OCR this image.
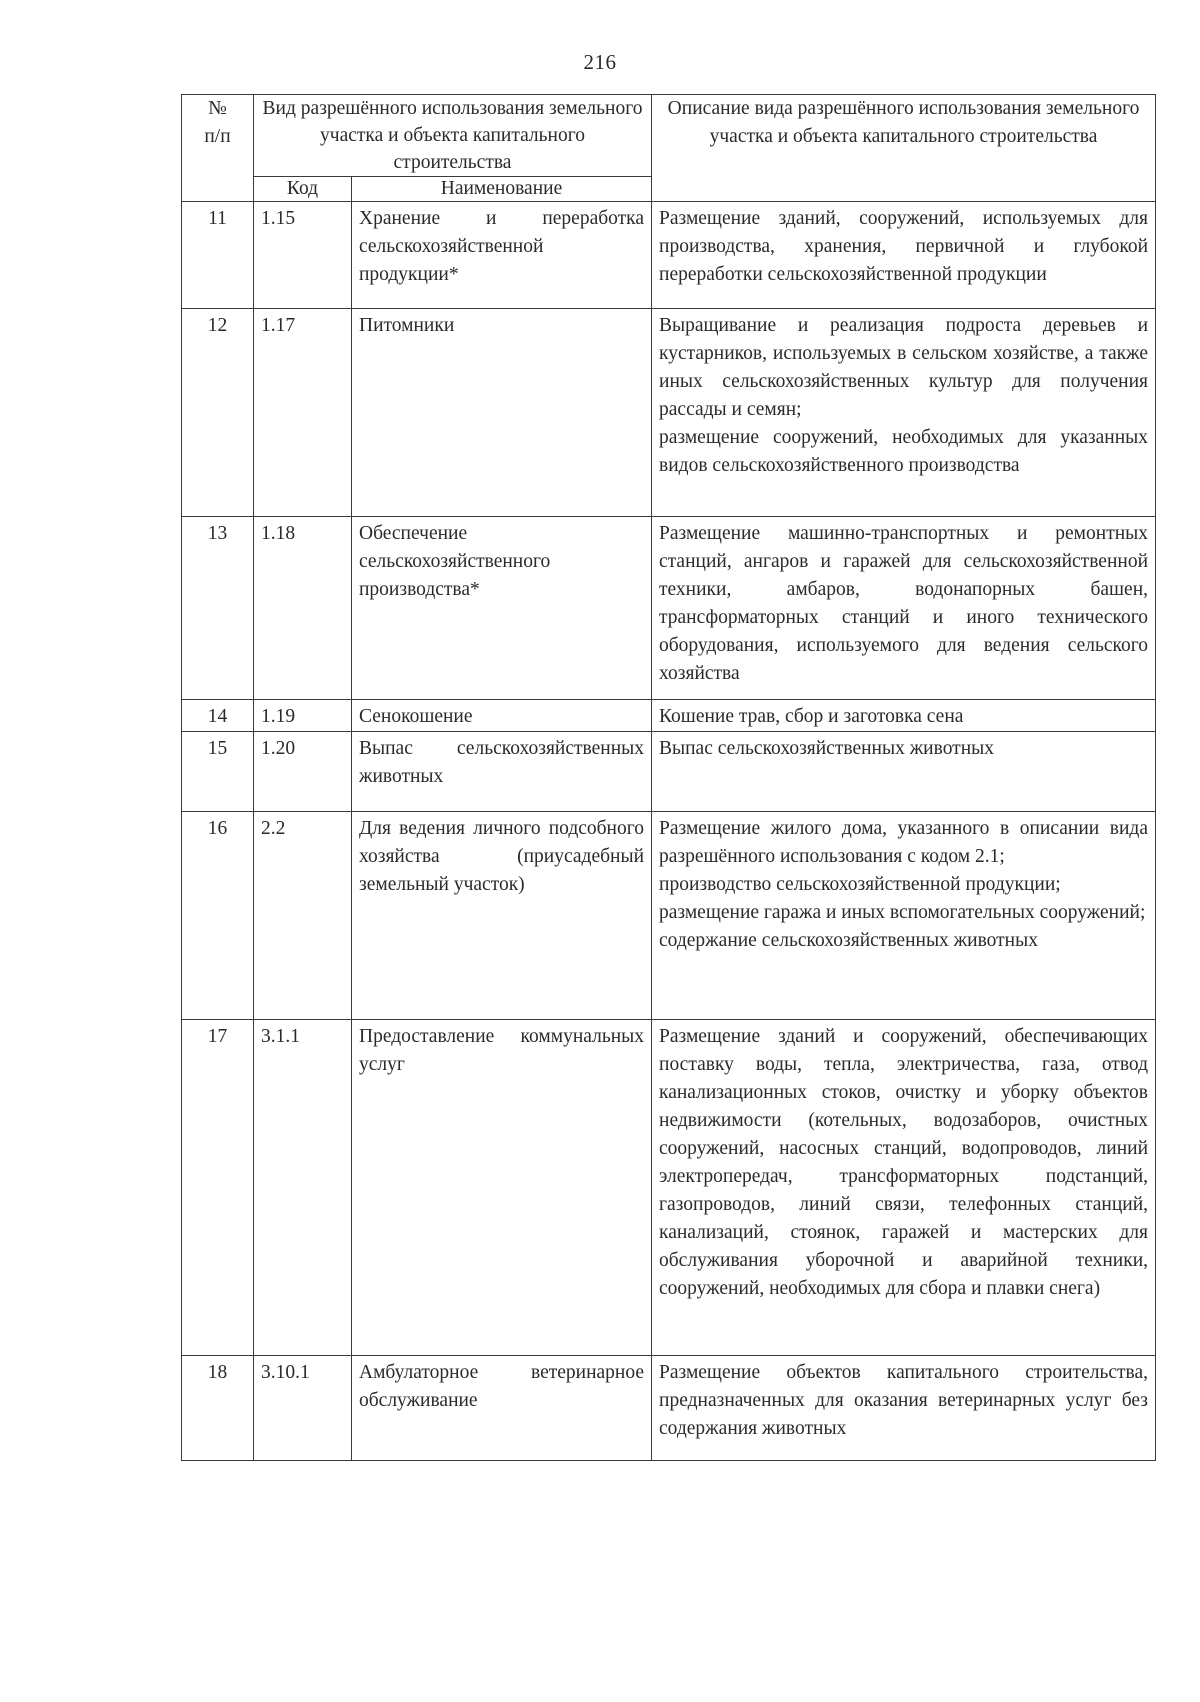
216
№
п/п	Вид разрешённого использования земельного участка и объекта капитального строительства		Описание вида разрешённого использования земельного участка и объекта капитального строительства
	Код	Наименование	
11	1.15	Хранение и переработка сельскохозяйственной продукции*	Размещение зданий, сооружений, используемых для производства, хранения, первичной и глубокой переработки сельскохозяйственной продукции

12	1.17	Питомники	Выращивание и реализация подроста деревьев и кустарников, используемых в сельском хозяйстве, а также иных сельскохозяйственных культур для получения рассады и семян;
размещение сооружений, необходимых для указанных видов сельскохозяйственного производства

13	1.18	Обеспечение сельскохозяйственного производства*	Размещение машинно-транспортных и ремонтных станций, ангаров и гаражей для сельскохозяйственной техники, амбаров, водонапорных башен, трансформаторных станций и иного технического оборудования, используемого для ведения сельского хозяйства

14	1.19	Сенокошение	Кошение трав, сбор и заготовка сена

15	1.20	Выпас сельскохозяйственных животных	Выпас сельскохозяйственных животных

16	2.2	Для ведения личного подсобного хозяйства (приусадебный земельный участок)	Размещение жилого дома, указанного в описании вида разрешённого использования с кодом 2.1;
производство сельскохозяйственной продукции;
размещение гаража и иных вспомогательных сооружений;
содержание сельскохозяйственных животных

17	3.1.1	Предоставление коммунальных услуг	Размещение зданий и сооружений, обеспечивающих поставку воды, тепла, электричества, газа, отвод канализационных стоков, очистку и уборку объектов недвижимости (котельных, водозаборов, очистных сооружений, насосных станций, водопроводов, линий электропередач, трансформаторных подстанций, газопроводов, линий связи, телефонных станций, канализаций, стоянок, гаражей и мастерских для обслуживания уборочной и аварийной техники, сооружений, необходимых для сбора и плавки снега)

18	3.10.1	Амбулаторное ветеринарное обслуживание	Размещение объектов капитального строительства, предназначенных для оказания ветеринарных услуг без содержания животных
